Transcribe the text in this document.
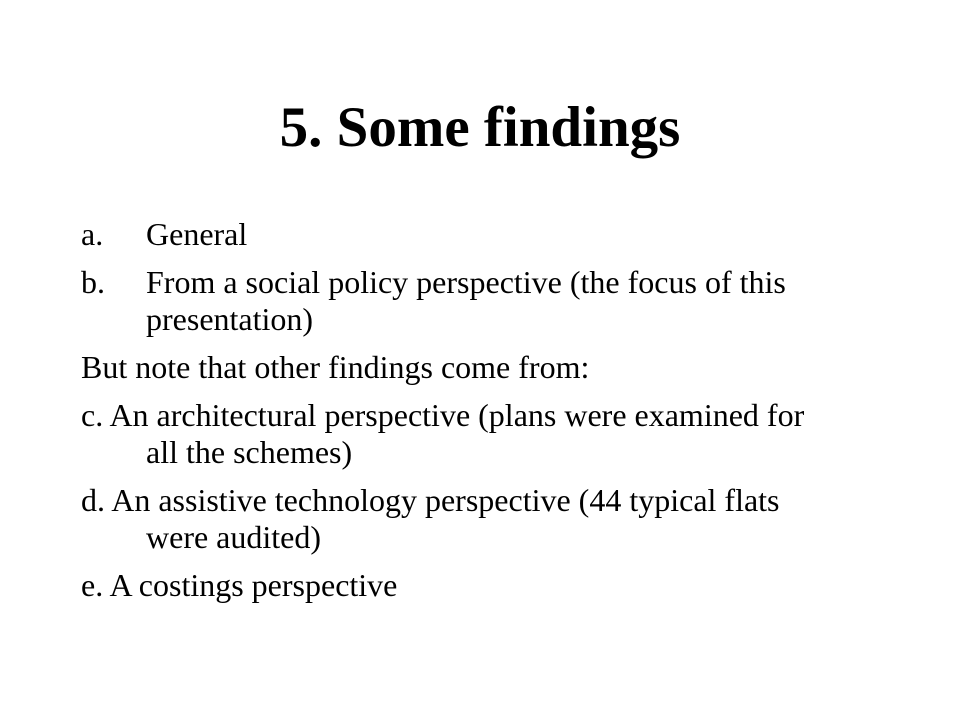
5. Some findings
a. General
b. From a social policy perspective (the focus of this presentation)
But note that other findings come from:
c. An architectural perspective (plans were examined for all the schemes)
d. An assistive technology perspective (44 typical flats were audited)
e. A costings perspective
